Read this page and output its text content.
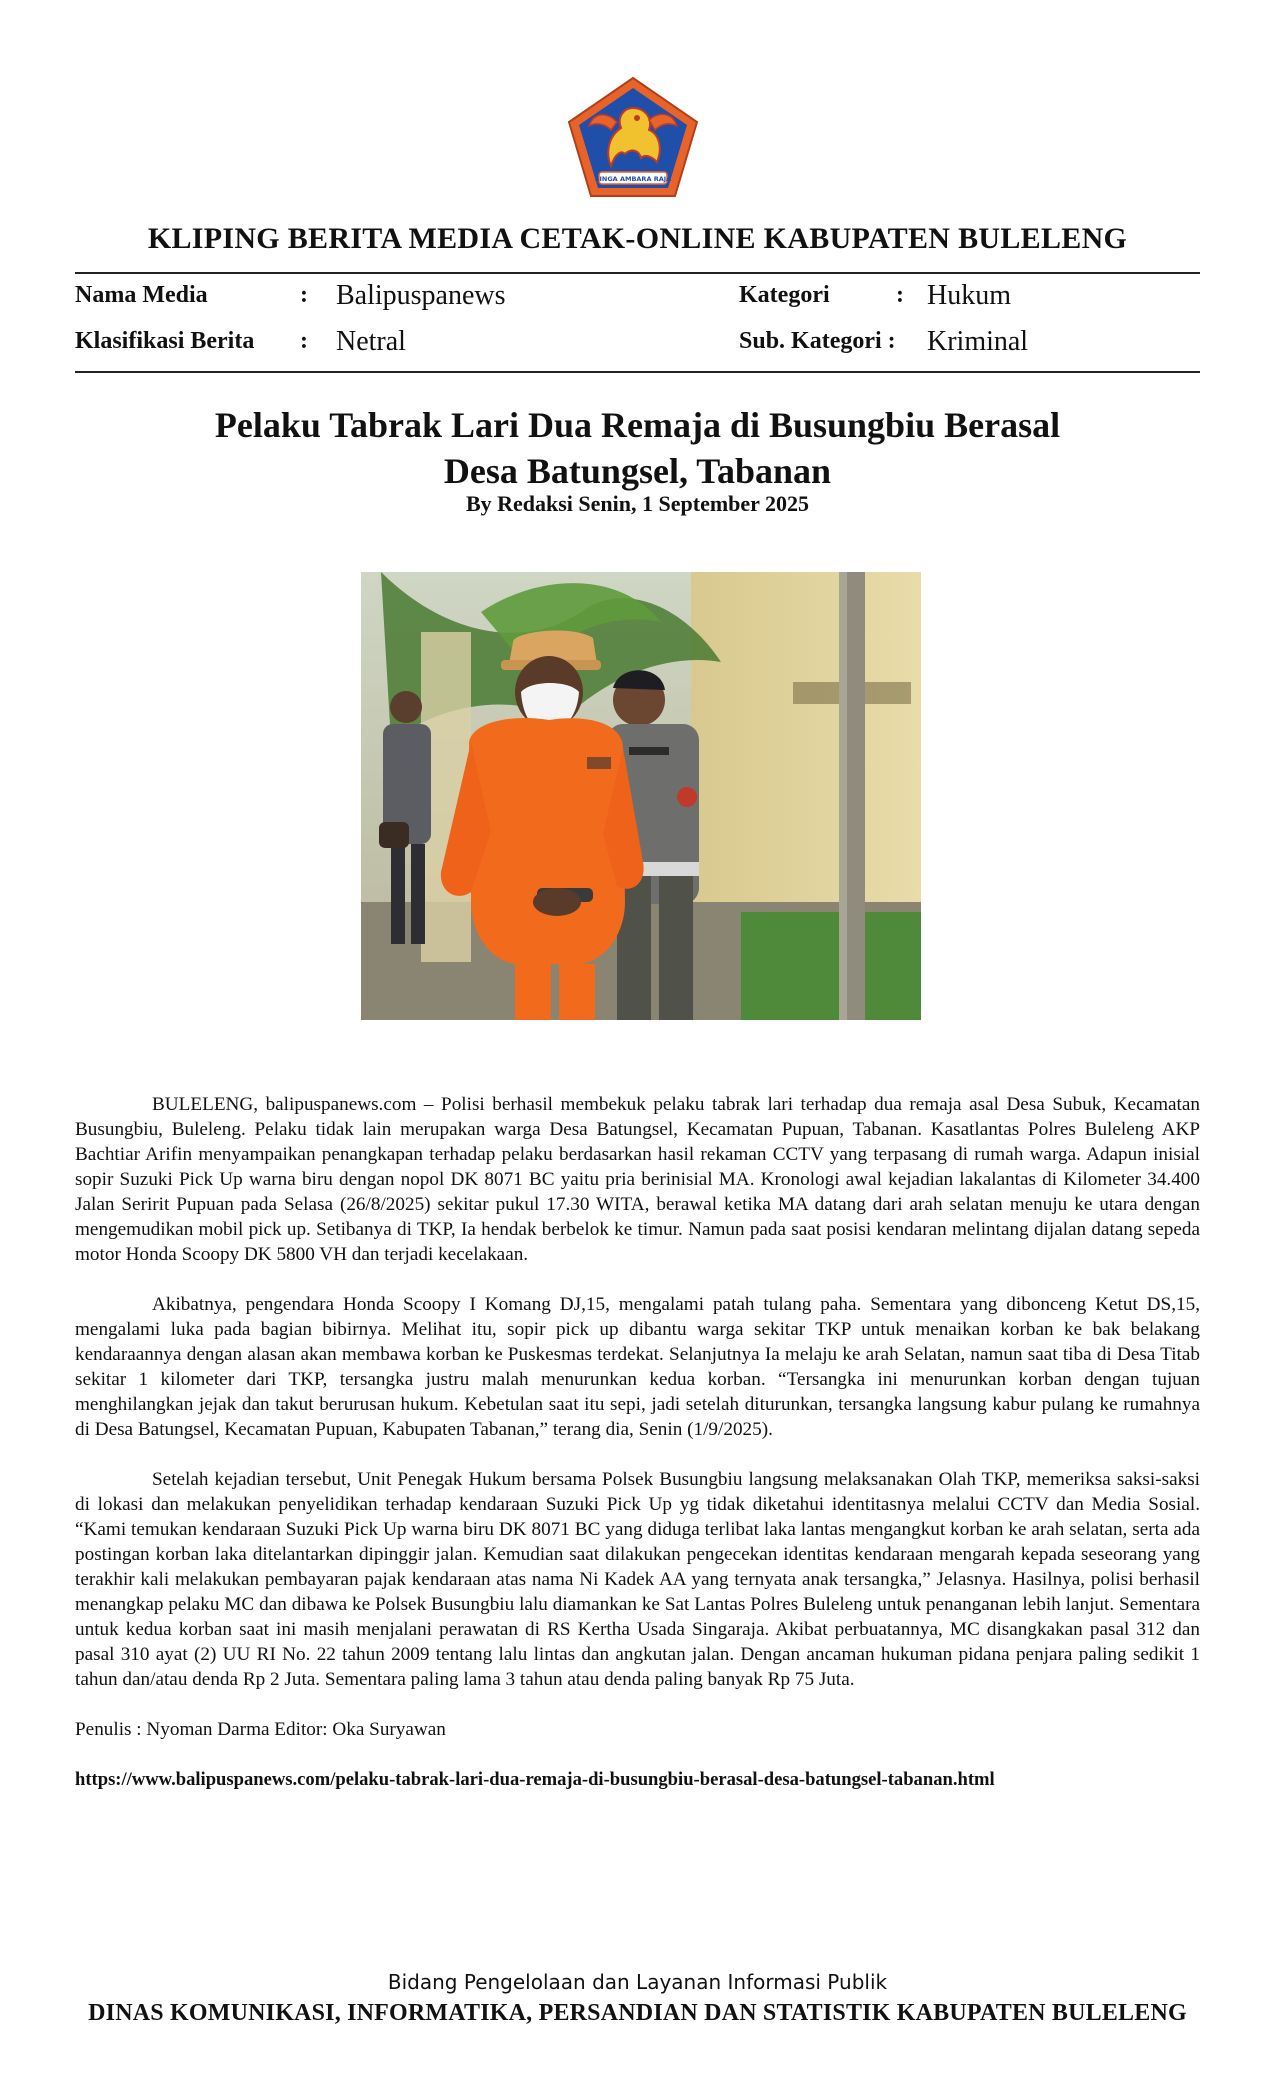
SINGA AMBARA RAJA
KLIPING BERITA MEDIA CETAK-ONLINE KABUPATEN BULELENG
Nama Media	: Balipuspanews
Klasifikasi Berita : Netral
Kategori	: Hukum
Sub. Kategori : Kriminal
Pelaku Tabrak Lari Dua Remaja di Busungbiu Berasal
Desa Batungsel, Tabanan
By Redaksi Senin, 1 September 2025

BULELENG, balipuspanews.com – Polisi berhasil membekuk pelaku tabrak lari terhadap dua remaja asal Desa Subuk, Kecamatan Busungbiu, Buleleng. Pelaku tidak lain merupakan warga Desa Batungsel, Kecamatan Pupuan, Tabanan. Kasatlantas Polres Buleleng AKP Bachtiar Arifin menyampaikan penangkapan terhadap pelaku berdasarkan hasil rekaman CCTV yang terpasang di rumah warga. Adapun inisial sopir Suzuki Pick Up warna biru dengan nopol DK 8071 BC yaitu pria berinisial MA. Kronologi awal kejadian lakalantas di Kilometer 34.400 Jalan Seririt Pupuan pada Selasa (26/8/2025) sekitar pukul 17.30 WITA, berawal ketika MA datang dari arah selatan menuju ke utara dengan mengemudikan mobil pick up. Setibanya di TKP, Ia hendak berbelok ke timur. Namun pada saat posisi kendaran melintang dijalan datang sepeda motor Honda Scoopy DK 5800 VH dan terjadi kecelakaan.

Akibatnya, pengendara Honda Scoopy I Komang DJ,15, mengalami patah tulang paha. Sementara yang dibonceng Ketut DS,15, mengalami luka pada bagian bibirnya. Melihat itu, sopir pick up dibantu warga sekitar TKP untuk menaikan korban ke bak belakang kendaraannya dengan alasan akan membawa korban ke Puskesmas terdekat. Selanjutnya Ia melaju ke arah Selatan, namun saat tiba di Desa Titab sekitar 1 kilometer dari TKP, tersangka justru malah menurunkan kedua korban. “Tersangka ini menurunkan korban dengan tujuan menghilangkan jejak dan takut berurusan hukum. Kebetulan saat itu sepi, jadi setelah diturunkan, tersangka langsung kabur pulang ke rumahnya di Desa Batungsel, Kecamatan Pupuan, Kabupaten Tabanan,” terang dia, Senin (1/9/2025).

Setelah kejadian tersebut, Unit Penegak Hukum bersama Polsek Busungbiu langsung melaksanakan Olah TKP, memeriksa saksi-saksi di lokasi dan melakukan penyelidikan terhadap kendaraan Suzuki Pick Up yg tidak diketahui identitasnya melalui CCTV dan Media Sosial. “Kami temukan kendaraan Suzuki Pick Up warna biru DK 8071 BC yang diduga terlibat laka lantas mengangkut korban ke arah selatan, serta ada postingan korban laka ditelantarkan dipinggir jalan. Kemudian saat dilakukan pengecekan identitas kendaraan mengarah kepada seseorang yang terakhir kali melakukan pembayaran pajak kendaraan atas nama Ni Kadek AA yang ternyata anak tersangka,” Jelasnya. Hasilnya, polisi berhasil menangkap pelaku MC dan dibawa ke Polsek Busungbiu lalu diamankan ke Sat Lantas Polres Buleleng untuk penanganan lebih lanjut. Sementara untuk kedua korban saat ini masih menjalani perawatan di RS Kertha Usada Singaraja. Akibat perbuatannya, MC disangkakan pasal 312 dan pasal 310 ayat (2) UU RI No. 22 tahun 2009 tentang lalu lintas dan angkutan jalan. Dengan ancaman hukuman pidana penjara paling sedikit 1 tahun dan/atau denda Rp 2 Juta. Sementara paling lama 3 tahun atau denda paling banyak Rp 75 Juta.

Penulis : Nyoman Darma Editor: Oka Suryawan

https://www.balipuspanews.com/pelaku-tabrak-lari-dua-remaja-di-busungbiu-berasal-desa-batungsel-tabanan.html

Bidang Pengelolaan dan Layanan Informasi Publik
DINAS KOMUNIKASI, INFORMATIKA, PERSANDIAN DAN STATISTIK KABUPATEN BULELENG
